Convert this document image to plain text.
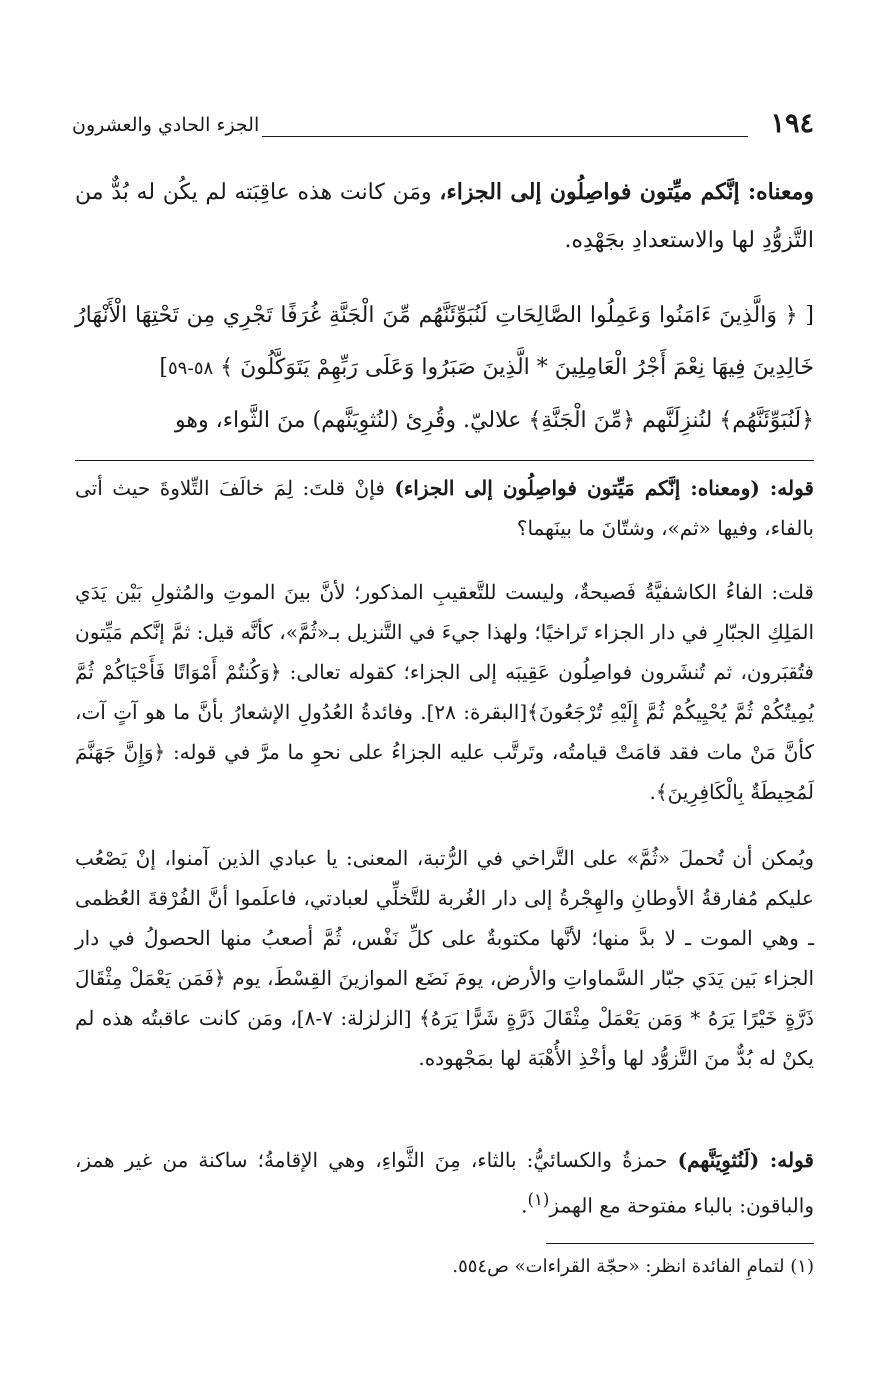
١٩٤
الجزء الحادي والعشرون
ومعناه: إنَّكم ميِّتون فواصِلُون إلى الجزاء، ومَن كانت هذه عاقِبَته لم يكُن له بُدٌّ من التَّزوُّدِ لها والاستعدادِ بجَهْدِه.
[ ﴿ وَالَّذِينَ ءَامَنُوا وَعَمِلُوا الصَّالِحَاتِ لَنُبَوِّئَنَّهُم مِّنَ الْجَنَّةِ غُرَفًا تَجْرِي مِن تَحْتِهَا الْأَنْهَارُ خَالِدِينَ فِيهَا نِعْمَ أَجْرُ الْعَامِلِينَ * الَّذِينَ صَبَرُوا وَعَلَى رَبِّهِمْ يَتَوَكَّلُونَ ﴾ ٥٨-٥٩]
﴿لَنُبَوِّئَنَّهُم﴾ لنُنزِلَنَّهم ﴿مِّنَ الْجَنَّةِ﴾ علاليّ. وقُرِئ (لنُثوِيَنَّهم) منَ الثَّواء، وهو
قوله: (ومعناه: إنَّكم مَيِّتون فواصِلُون إلى الجزاء) فإنْ قلتَ: لِمَ خالَفَ التِّلاوةَ حيث أتى بالفاء، وفيها «ثم»، وشتّانَ ما بينَهما؟
قلت: الفاءُ الكاشفيَّةُ فَصيحةٌ، وليست للتَّعقيبِ المذكور؛ لأنَّ بينَ الموتِ والمُثولِ بَيْن يَدَي المَلِكِ الجبّارِ في دار الجزاء تَراخيًا؛ ولهذا جيءَ في التَّنزيل بـ«ثُمَّ»، كأنَّه قيل: ثمَّ إنَّكم مَيِّتون فتُقبَرون، ثم تُنشَرون فواصِلُون عَقِيبَه إلى الجزاء؛ كقوله تعالى: ﴿وَكُنتُمْ أَمْوَاتًا فَأَحْيَاكُمْ ثُمَّ يُمِيتُكُمْ ثُمَّ يُحْيِيكُمْ ثُمَّ إِلَيْهِ تُرْجَعُونَ﴾[البقرة: ٢٨]. وفائدةُ العُدُولِ الإشعارُ بأنَّ ما هو آتٍ آت، كأنَّ مَنْ مات فقد قامَتْ قيامتُه، وتَرتَّب عليه الجزاءُ على نحوِ ما مرَّ في قوله: ﴿وَإِنَّ جَهَنَّمَ لَمُحِيطَةٌ بِالْكَافِرِينَ﴾.
ويُمكن أن تُحملَ «ثُمَّ» على التَّراخي في الرُّتبة، المعنى: يا عبادي الذين آمنوا، إنْ يَصْعُب عليكم مُفارقةُ الأوطانِ والهِجْرةُ إلى دار الغُربة للتَّخلِّي لعبادتي، فاعلَموا أنَّ الفُرْقةَ العُظمى ـ وهي الموت ـ لا بدَّ منها؛ لأنَّها مكتوبةٌ على كلِّ نَفْس، ثُمَّ أصعبُ منها الحصولُ في دار الجزاء بَين يَدَي جبّار السَّماواتِ والأرض، يومَ نَضَع الموازينَ القِسْطَ، يوم ﴿فَمَن يَعْمَلْ مِثْقَالَ ذَرَّةٍ خَيْرًا يَرَهُ * وَمَن يَعْمَلْ مِثْقَالَ ذَرَّةٍ شَرًّا يَرَهُ﴾ [الزلزلة: ٧-٨]، ومَن كانت عاقبتُه هذه لم يكنْ له بُدٌّ منَ التَّزوُّد لها وأخْذِ الأُهْبَة لها بمَجْهوده.
قوله: (لَنُثوِيَنَّهم) حمزةُ والكسائيُّ: بالثاء، مِنَ الثَّواءِ، وهي الإقامةُ؛ ساكنة من غير همز، والباقون: بالباء مفتوحة مع الهمز$^{(١)}$.
(١) لتمامِ الفائدة انظر: «حجّة القراءات» ص٥٥٤.
